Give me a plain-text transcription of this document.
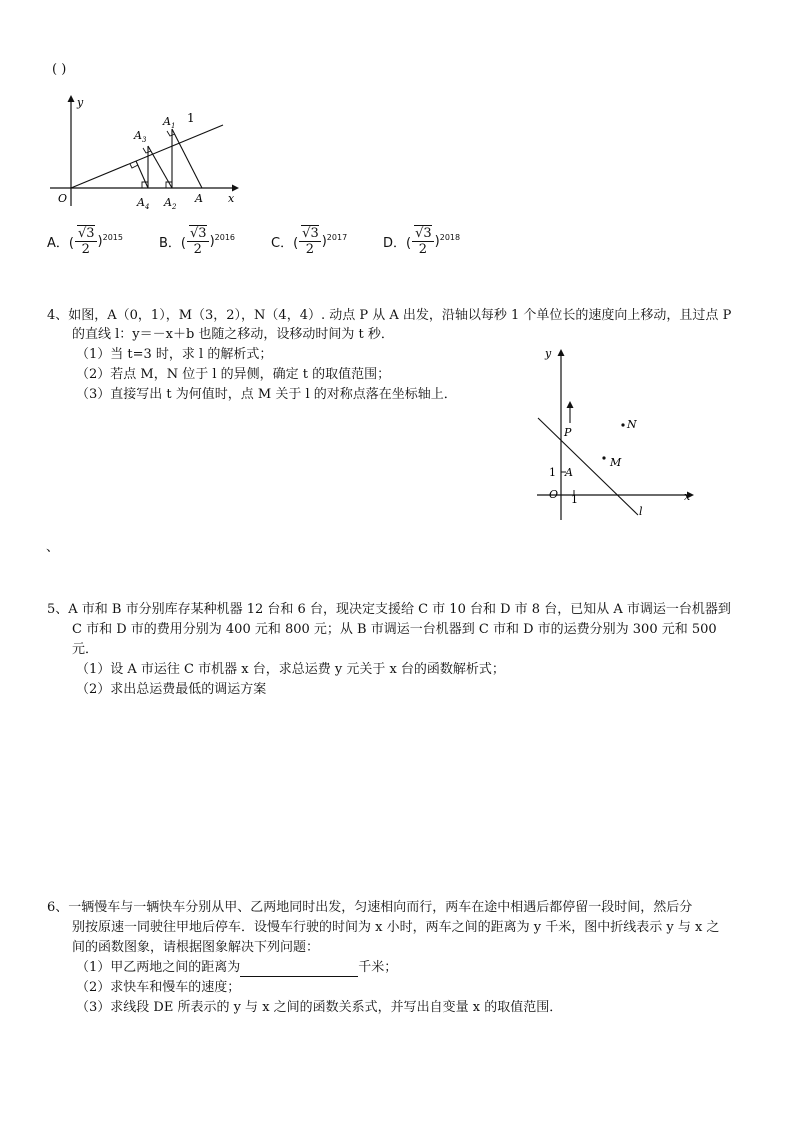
( )
y
x
O
1
A
$A_1$
$A_2$
$A_3$
$A_4$
A．( $\frac{√3}{2} )^{2015}$	B．( $\frac{√3}{2} )^{2016}$	C．( $\frac{√3}{2} )^{2017}$	D．( $\frac{√3}{2} )^{2018}$
4、如图，A（0，1），M（3，2），N（4，4）. 动点 P 从 A 出发，沿轴以每秒 1 个单位长的速度向上移动，且过点 P
的直线 l：y＝－x＋b 也随之移动，设移动时间为 t 秒．
（1）当 t=3 时，求 l 的解析式；
（2）若点 M，N 位于 l 的异侧，确定 t 的取值范围；
（3）直接写出 t 为何值时，点 M 关于 l 的对称点落在坐标轴上．
y
x
O 1
1 A
P
M
N
l
、
5、A 市和 B 市分别库存某种机器 12 台和 6 台，现决定支援给 C 市 10 台和 D 市 8 台，已知从 A 市调运一台机器到
C 市和 D 市的费用分别为 400 元和 800 元；从 B 市调运一台机器到 C 市和 D 市的运费分别为 300 元和 500
元．
（1）设 A 市运往 C 市机器 x 台，求总运费 y 元关于 x 台的函数解析式；
（2）求出总运费最低的调运方案
6、一辆慢车与一辆快车分别从甲、乙两地同时出发，匀速相向而行，两车在途中相遇后都停留一段时间，然后分
别按原速一同驶往甲地后停车．设慢车行驶的时间为 x 小时，两车之间的距离为 y 千米，图中折线表示 y 与 x 之
间的函数图象，请根据图象解决下列问题：
（1）甲乙两地之间的距离为	千米；
（2）求快车和慢车的速度；
（3）求线段 DE 所表示的 y 与 x 之间的函数关系式，并写出自变量 x 的取值范围．
